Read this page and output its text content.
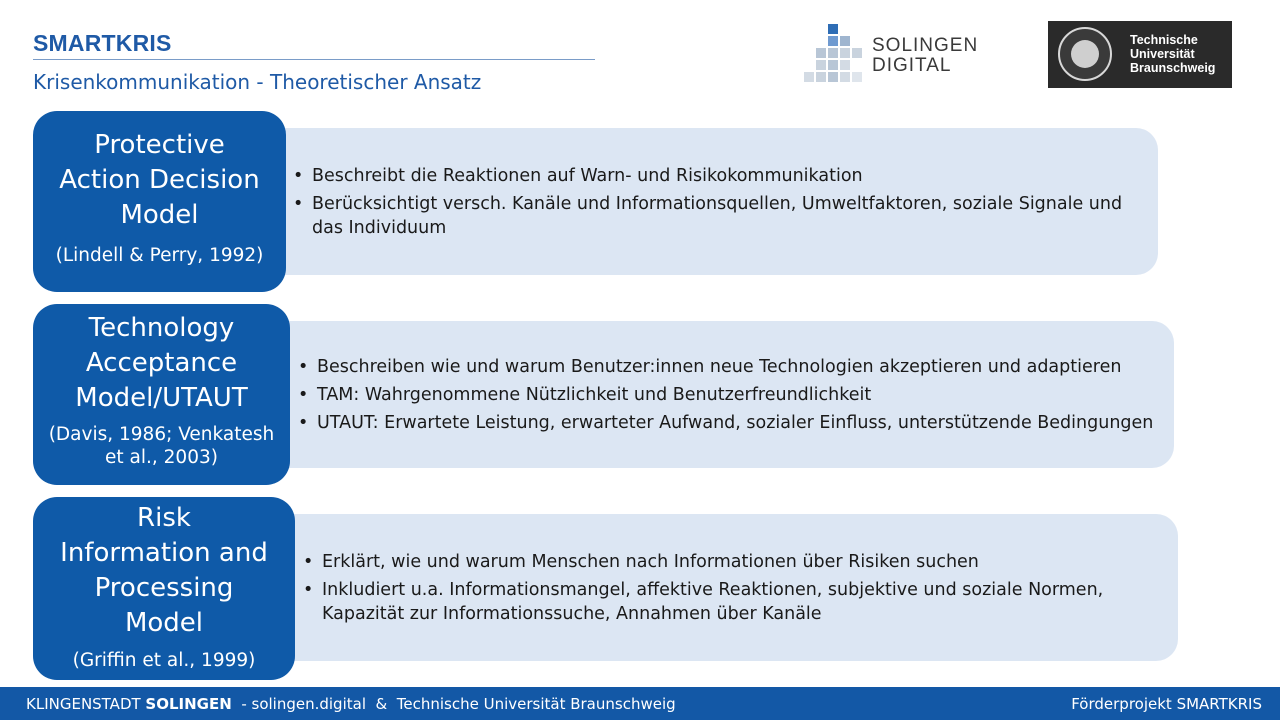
SMARTKRIS
Krisenkommunikation - Theoretischer Ansatz
SOLINGEN
DIGITAL
Technische
Universität
Braunschweig
Protective
Action Decision
Model
(Lindell & Perry, 1992)
• Beschreibt die Reaktionen auf Warn- und Risikokommunikation
• Berücksichtigt versch. Kanäle und Informationsquellen, Umweltfaktoren, soziale Signale und das Individuum
Technology
Acceptance
Model/UTAUT
(Davis, 1986; Venkatesh
et al., 2003)
• Beschreiben wie und warum Benutzer:innen neue Technologien akzeptieren und adaptieren
• TAM: Wahrgenommene Nützlichkeit und Benutzerfreundlichkeit
• UTAUT: Erwartete Leistung, erwarteter Aufwand, sozialer Einfluss, unterstützende Bedingungen
Risk
Information and
Processing
Model
(Griffin et al., 1999)
• Erklärt, wie und warum Menschen nach Informationen über Risiken suchen
• Inkludiert u.a. Informationsmangel, affektive Reaktionen, subjektive und soziale Normen, Kapazität zur Informationssuche, Annahmen über Kanäle
KLINGENSTADT SOLINGEN  - solingen.digital  &  Technische Universität Braunschweig	Förderprojekt SMARTKRIS
